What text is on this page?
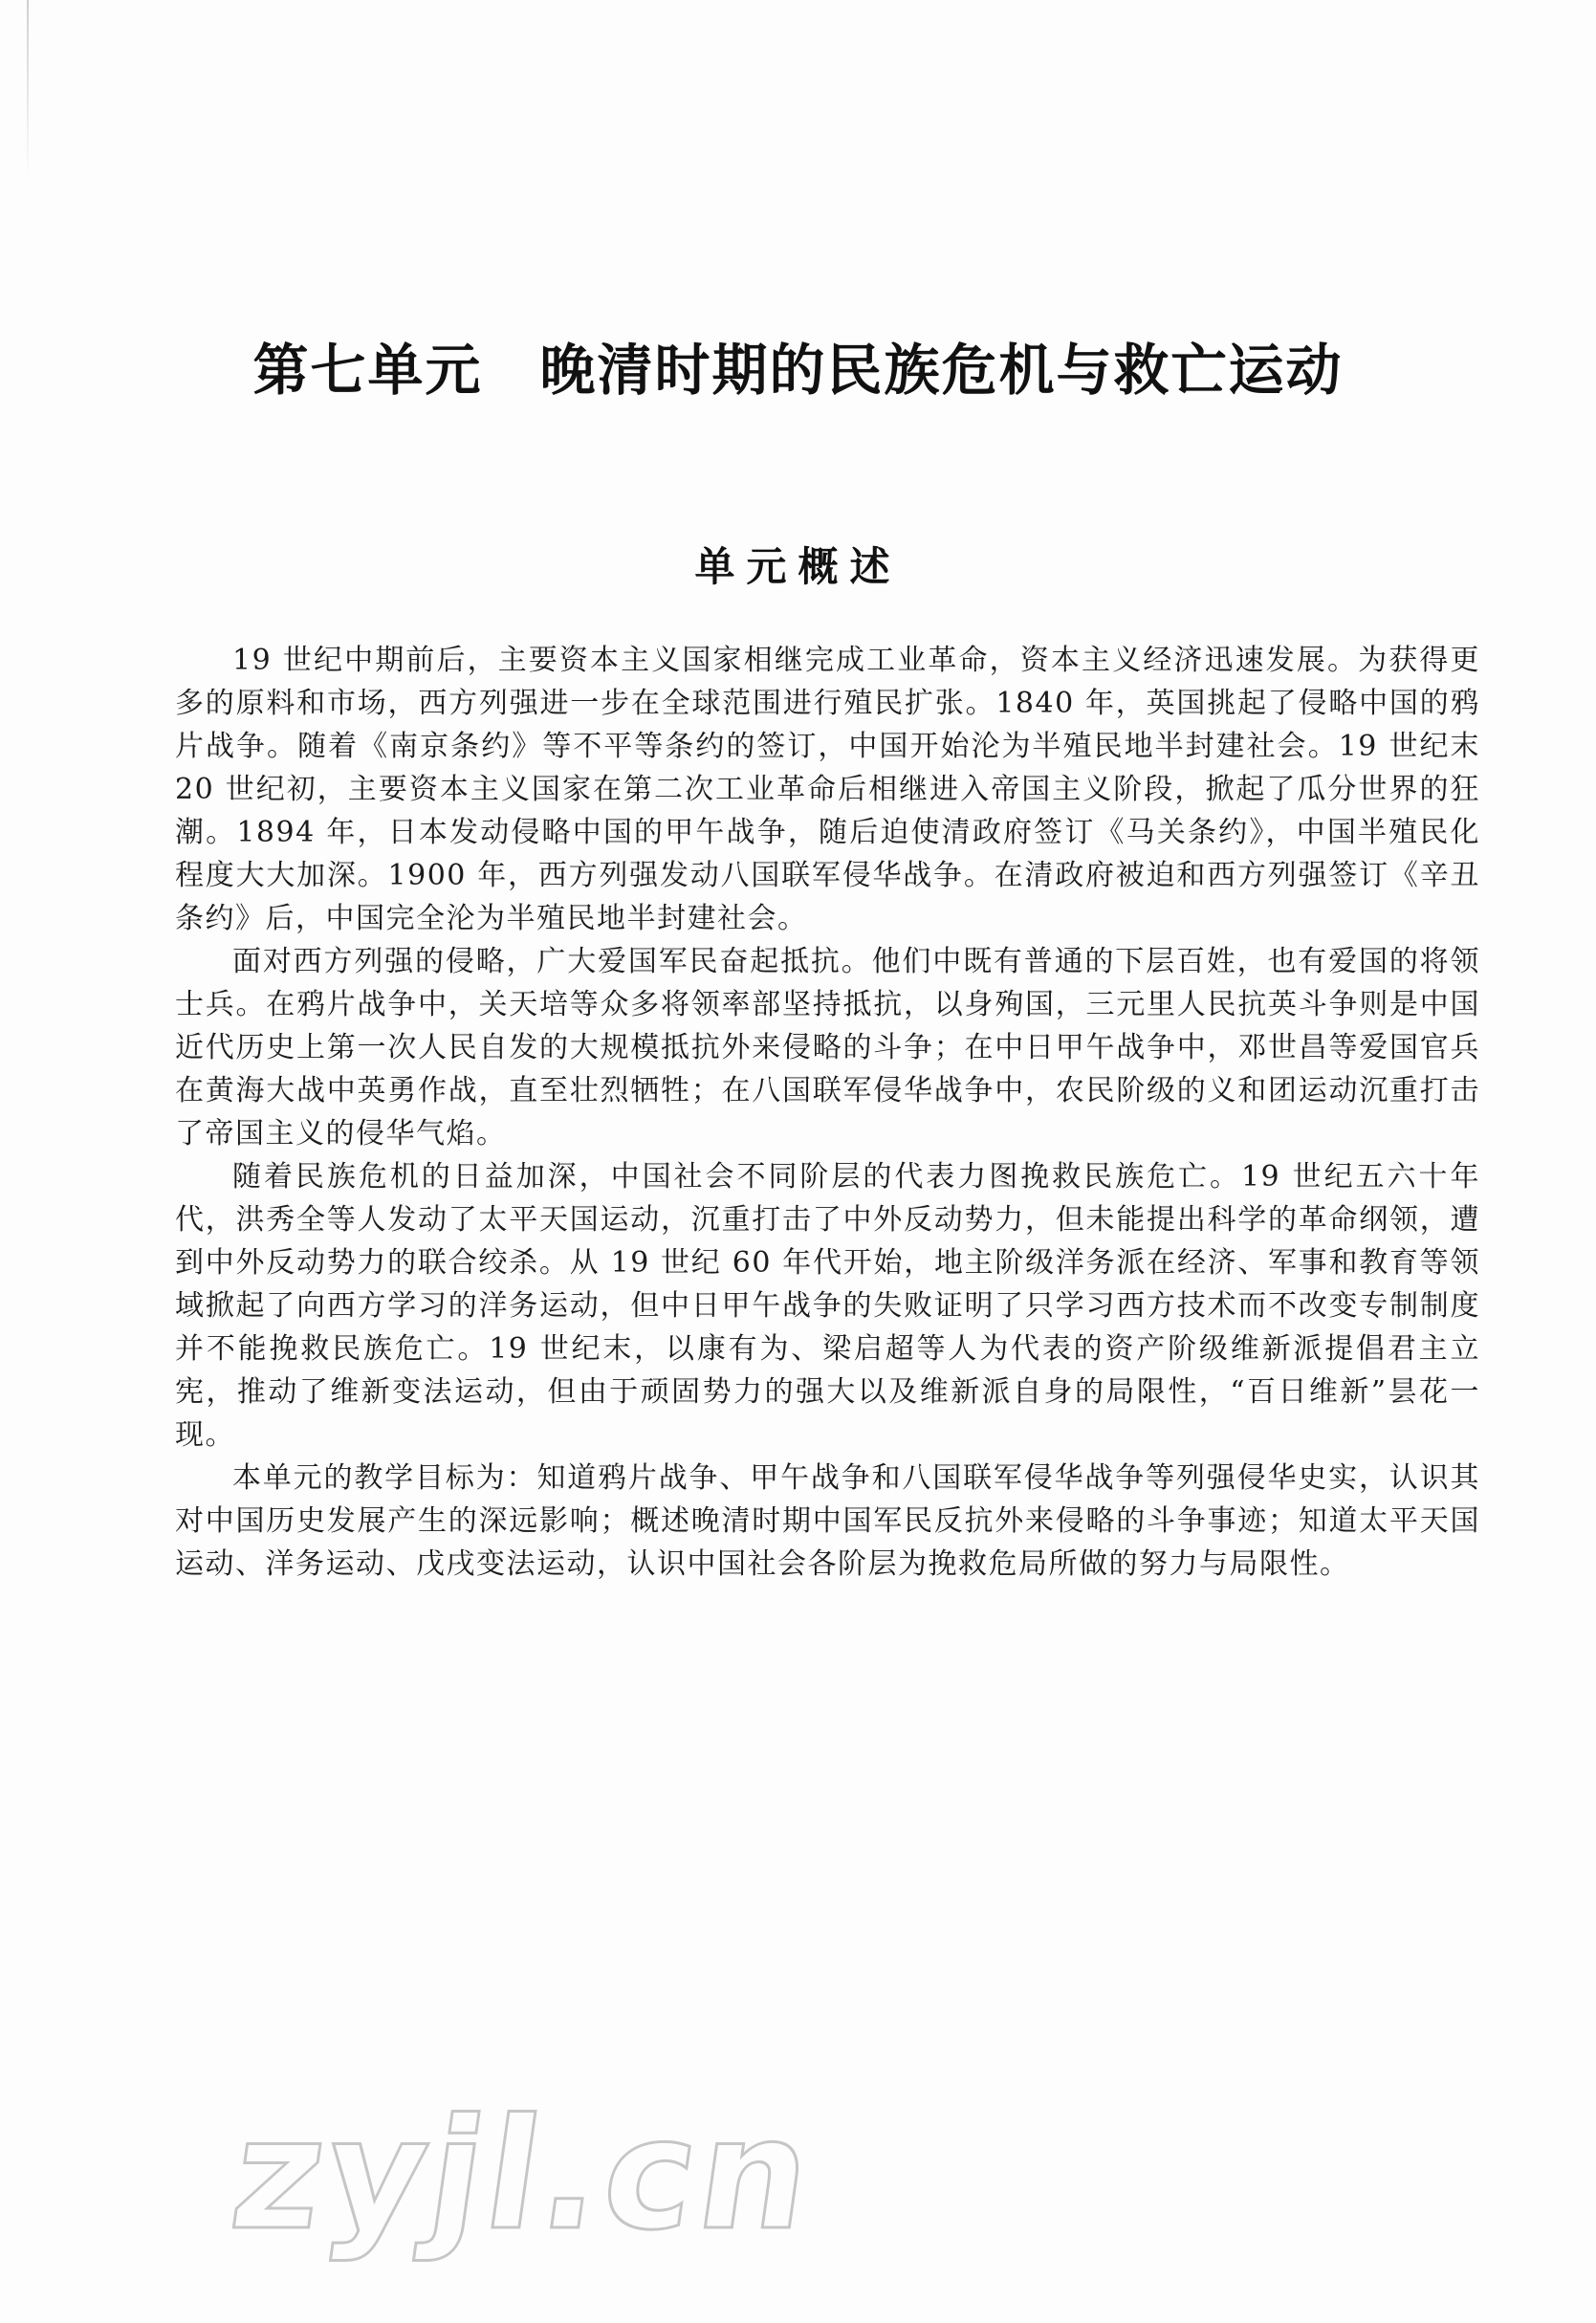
第七单元 晚清时期的民族危机与救亡运动
单元概述

19 世纪中期前后，主要资本主义国家相继完成工业革命，资本主义经济迅速发展。为获得更多的原料和市场，西方列强进一步在全球范围进行殖民扩张。1840 年，英国挑起了侵略中国的鸦片战争。随着《南京条约》等不平等条约的签订，中国开始沦为半殖民地半封建社会。19 世纪末 20 世纪初，主要资本主义国家在第二次工业革命后相继进入帝国主义阶段，掀起了瓜分世界的狂潮。1894 年，日本发动侵略中国的甲午战争，随后迫使清政府签订《马关条约》，中国半殖民化程度大大加深。1900 年，西方列强发动八国联军侵华战争。在清政府被迫和西方列强签订《辛丑条约》后，中国完全沦为半殖民地半封建社会。

面对西方列强的侵略，广大爱国军民奋起抵抗。他们中既有普通的下层百姓，也有爱国的将领士兵。在鸦片战争中，关天培等众多将领率部坚持抵抗，以身殉国，三元里人民抗英斗争则是中国近代历史上第一次人民自发的大规模抵抗外来侵略的斗争；在中日甲午战争中，邓世昌等爱国官兵在黄海大战中英勇作战，直至壮烈牺牲；在八国联军侵华战争中，农民阶级的义和团运动沉重打击了帝国主义的侵华气焰。

随着民族危机的日益加深，中国社会不同阶层的代表力图挽救民族危亡。19 世纪五六十年代，洪秀全等人发动了太平天国运动，沉重打击了中外反动势力，但未能提出科学的革命纲领，遭到中外反动势力的联合绞杀。从 19 世纪 60 年代开始，地主阶级洋务派在经济、军事和教育等领域掀起了向西方学习的洋务运动，但中日甲午战争的失败证明了只学习西方技术而不改变专制制度并不能挽救民族危亡。19 世纪末，以康有为、梁启超等人为代表的资产阶级维新派提倡君主立宪，推动了维新变法运动，但由于顽固势力的强大以及维新派自身的局限性，“百日维新”昙花一现。

本单元的教学目标为：知道鸦片战争、甲午战争和八国联军侵华战争等列强侵华史实，认识其对中国历史发展产生的深远影响；概述晚清时期中国军民反抗外来侵略的斗争事迹；知道太平天国运动、洋务运动、戊戌变法运动，认识中国社会各阶层为挽救危局所做的努力与局限性。

zyjl.cn
